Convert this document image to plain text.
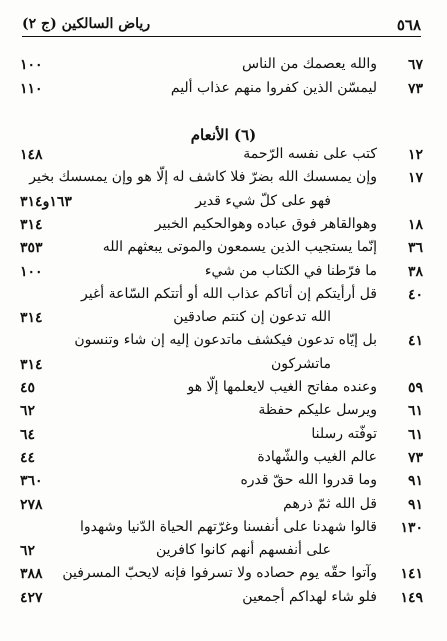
٥٦٨
رياض السالكين (ج ٢)
٦٧
والله يعصمك من الناس
١٠٠
٧٣
ليمسّن الذين كفروا منهم عذاب أليم
١١٠
(٦) الأنعام
١٢
كتب على نفسه الرّحمة
١٤٨
١٧
وإن يمسسك الله بضرّ فلا كاشف له إلّا هو وإن يمسسك بخير
فهو على كلّ شيء قدير
١٦٣و٣١٤
١٨
وهوالقاهر فوق عباده وهوالحكيم الخبير
٣١٤
٣٦
إنّما يستجيب الذين يسمعون والموتى يبعثهم الله
٣٥٣
٣٨
ما فرّطنا في الكتاب من شيء
١٠٠
٤٠
قل أرأيتكم إن أتاكم عذاب الله أو أتتكم السّاعة أغير
الله تدعون إن كنتم صادقين
٣١٤
٤١
بل إيّاه تدعون فيكشف ماتدعون إليه إن شاء وتنسون
ماتشركون
٣١٤
٥٩
وعنده مفاتح الغيب لايعلمها إلّا هو
٤٥
٦١
ويرسل عليكم حفظة
٦٢
٦١
توفّته رسلنا
٦٤
٧٣
عالم الغيب والشّهادة
٤٤
٩١
وما قدروا الله حقّ قدره
٣٦٠
٩١
قل الله ثمّ ذرهم
٢٧٨
١٣٠
قالوا شهدنا على أنفسنا وغرّتهم الحياة الدّنيا وشهدوا
على أنفسهم أنهم كانوا كافرين
٦٢
١٤١
وآتوا حقّه يوم حصاده ولا تسرفوا فإنه لايحبّ المسرفين
٣٨٨
١٤٩
فلو شاء لهداكم أجمعين
٤٢٧
